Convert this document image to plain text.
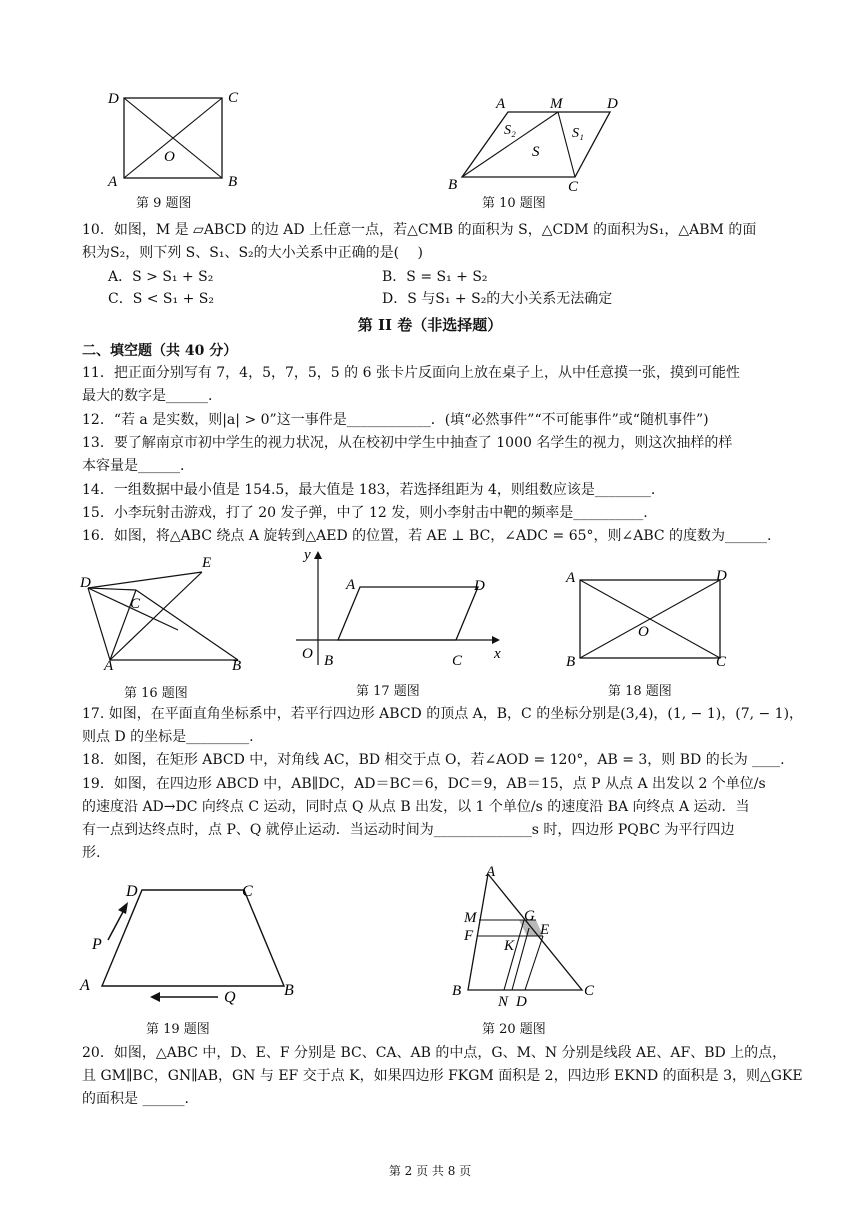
D	C
A	B
O
第 9 题图
A	M	D
B	C
S₂
S
S₁
第 10 题图
10．如图，M 是 ▱ABCD 的边 AD 上任意一点，若△CMB 的面积为 S，△CDM 的面积为S₁，△ABM 的面
积为S₂，则下列 S、S₁、S₂的大小关系中正确的是(　 )
A．S > S₁ + S₂	B．S = S₁ + S₂
C．S < S₁ + S₂	D．S 与S₁ + S₂的大小关系无法确定
第 II 卷（非选择题）
二、填空题（共 40 分）
11．把正面分别写有 7，4，5，7，5，5 的 6 张卡片反面向上放在桌子上，从中任意摸一张，摸到可能性
最大的数字是______.
12．“若 a 是实数，则|a| > 0”这一事件是____________．(填“必然事件”“不可能事件”或“随机事件”)
13．要了解南京市初中学生的视力状况，从在校初中学生中抽查了 1000 名学生的视力，则这次抽样的样
本容量是______.
14．一组数据中最小值是 154.5，最大值是 183，若选择组距为 4，则组数应该是________.
15．小李玩射击游戏，打了 20 发子弹，中了 12 发，则小李射击中靶的频率是__________.
16．如图，将△ABC 绕点 A 旋转到△AED 的位置，若 AE ⊥ BC，∠ADC = 65°，则∠ABC 的度数为______.
D
E
C
A	B
第 16 题图
y
A	D
O B	C x
第 17 题图
A	D
O
B	C
第 18 题图
17. 如图，在平面直角坐标系中，若平行四边形 ABCD 的顶点 A，B，C 的坐标分别是(3,4)，(1, − 1)，(7, − 1)，
则点 D 的坐标是_________.
18．如图，在矩形 ABCD 中，对角线 AC，BD 相交于点 O，若∠AOD = 120°，AB = 3，则 BD 的长为 ____.
19．如图，在四边形 ABCD 中，AB∥DC，AD＝BC＝6，DC＝9，AB＝15，点 P 从点 A 出发以 2 个单位/s
的速度沿 AD→DC 向终点 C 运动，同时点 Q 从点 B 出发，以 1 个单位/s 的速度沿 BA 向终点 A 运动．当
有一点到达终点时，点 P、Q 就停止运动．当运动时间为______________s 时，四边形 PQBC 为平行四边
形.
D	C
P
A
Q	B
第 19 题图
A
M	G
F
K
E
B
N D
C
第 20 题图
20．如图，△ABC 中，D、E、F 分别是 BC、CA、AB 的中点，G、M、N 分别是线段 AE、AF、BD 上的点，
且 GM∥BC，GN∥AB，GN 与 EF 交于点 K，如果四边形 FKGM 面积是 2，四边形 EKND 的面积是 3，则△GKE
的面积是 ______.
第 2 页 共 8 页
